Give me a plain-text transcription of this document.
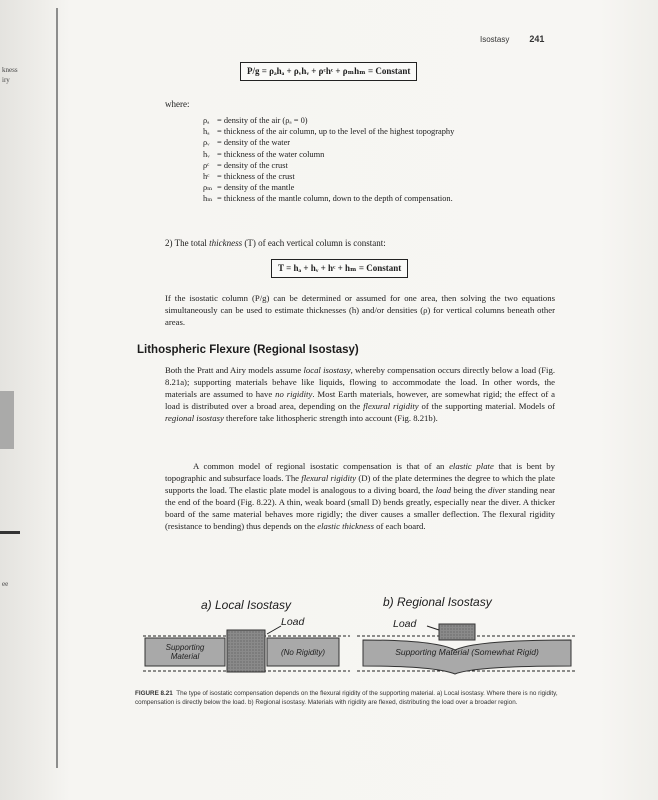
kness
iry
ee
Isostasy 241
P/g = ρₐhₐ + ρᵥhᵥ + ρᶜhᶜ + ρₘhₘ = Constant
where:
ρₐ = density of the air (ρₐ = 0)
hₐ = thickness of the air column, up to the level of the highest topography
ρᵥ = density of the water
hᵥ = thickness of the water column
ρᶜ = density of the crust
hᶜ = thickness of the crust
ρₘ = density of the mantle
hₘ = thickness of the mantle column, down to the depth of compensation.
2) The total thickness (T) of each vertical column is constant:
T = hₐ + hᵥ + hᶜ + hₘ = Constant
If the isostatic column (P/g) can be determined or assumed for one area, then solving the two equations simultaneously can be used to estimate thicknesses (h) and/or densities (ρ) for vertical columns beneath other areas.
Lithospheric Flexure (Regional Isostasy)
Both the Pratt and Airy models assume local isostasy, whereby compensation occurs directly below a load (Fig. 8.21a); supporting materials behave like liquids, flowing to accommodate the load. In other words, the materials are assumed to have no rigidity. Most Earth materials, however, are somewhat rigid; the effect of a load is distributed over a broad area, depending on the flexural rigidity of the supporting material. Models of regional isostasy therefore take lithospheric strength into account (Fig. 8.21b).
A common model of regional isostatic compensation is that of an elastic plate that is bent by topographic and subsurface loads. The flexural rigidity (D) of the plate determines the degree to which the plate supports the load. The elastic plate model is analogous to a diving board, the load being the diver standing near the end of the board (Fig. 8.22). A thin, weak board (small D) bends greatly, especially near the diver. A thicker board of the same material behaves more rigidly; the diver causes a smaller deflection. The flexural rigidity (resistance to bending) thus depends on the elastic thickness of each board.
a) Local Isostasy	b) Regional Isostasy
Load	Load
Supporting
Material	(No Rigidity)	Supporting Material (Somewhat Rigid)
FIGURE 8.21 The type of isostatic compensation depends on the flexural rigidity of the supporting material. a) Local isostasy. Where there is no rigidity, compensation is directly below the load. b) Regional isostasy. Materials with rigidity are flexed, distributing the load over a broader region.
